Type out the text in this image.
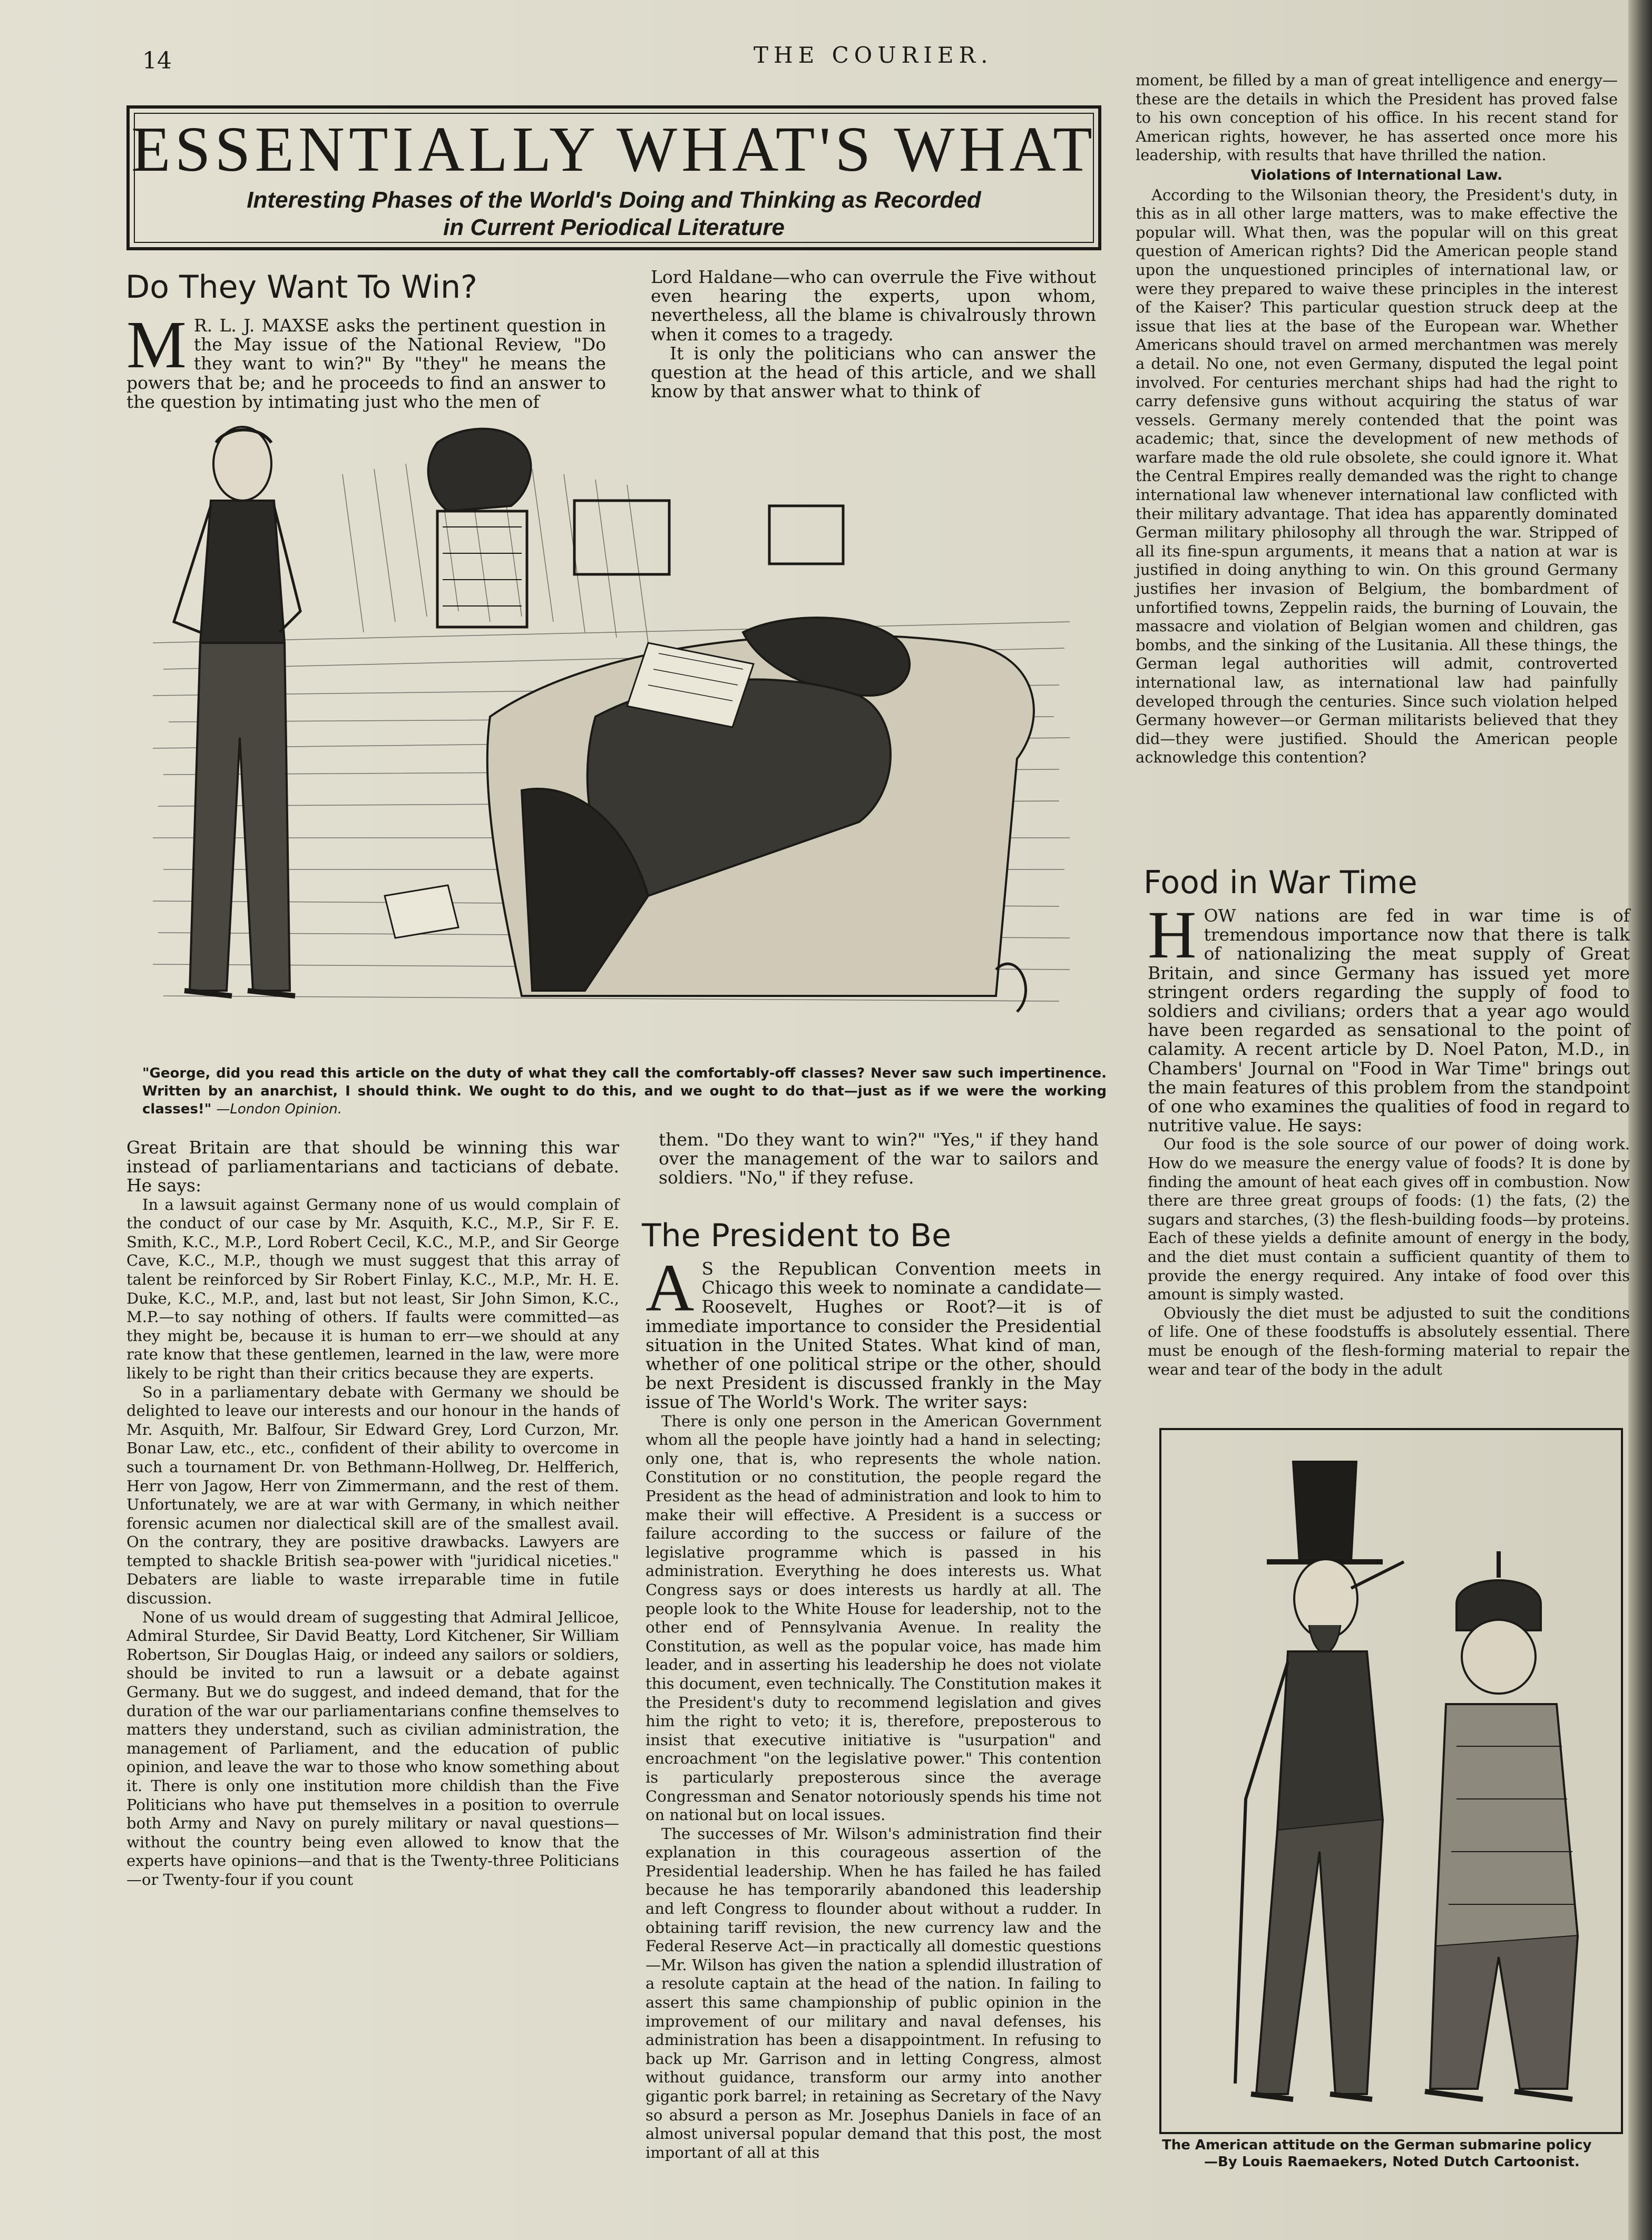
14	THE COURIER.
ESSENTIALLY WHAT'S WHAT
Interesting Phases of the World's Doing and Thinking as Recorded
in Current Periodical Literature
Do They Want To Win?

M R. L. J. MAXSE asks the pertinent question in the May issue of the National Review, "Do they want to win?" By "they" he means the powers that be; and he proceeds to find an answer to the question by intimating just who the men of

Lord Haldane—who can overrule the Five without even hearing the experts, upon whom, nevertheless, all the blame is chivalrously thrown when it comes to a tragedy.

It is only the politicians who can answer the question at the head of this article, and we shall know by that answer what to think of

"George, did you read this article on the duty of what they call the comfortably-off classes? Never saw such impertinence. Written by an anarchist, I should think. We ought to do this, and we ought to do that—just as if we were the working classes!" —London Opinion.

Great Britain are that should be winning this war instead of parliamentarians and tacticians of debate. He says:

In a lawsuit against Germany none of us would complain of the conduct of our case by Mr. Asquith, K.C., M.P., Sir F. E. Smith, K.C., M.P., Lord Robert Cecil, K.C., M.P., and Sir George Cave, K.C., M.P., though we must suggest that this array of talent be reinforced by Sir Robert Finlay, K.C., M.P., Mr. H. E. Duke, K.C., M.P., and, last but not least, Sir John Simon, K.C., M.P.—to say nothing of others. If faults were committed—as they might be, because it is human to err—we should at any rate know that these gentlemen, learned in the law, were more likely to be right than their critics because they are experts.

So in a parliamentary debate with Germany we should be delighted to leave our interests and our honour in the hands of Mr. Asquith, Mr. Balfour, Sir Edward Grey, Lord Curzon, Mr. Bonar Law, etc., etc., confident of their ability to overcome in such a tournament Dr. von Bethmann-Hollweg, Dr. Helfferich, Herr von Jagow, Herr von Zimmermann, and the rest of them. Unfortunately, we are at war with Germany, in which neither forensic acumen nor dialectical skill are of the smallest avail. On the contrary, they are positive drawbacks. Lawyers are tempted to shackle British sea-power with "juridical niceties." Debaters are liable to waste irreparable time in futile discussion.

None of us would dream of suggesting that Admiral Jellicoe, Admiral Sturdee, Sir David Beatty, Lord Kitchener, Sir William Robertson, Sir Douglas Haig, or indeed any sailors or soldiers, should be invited to run a lawsuit or a debate against Germany. But we do suggest, and indeed demand, that for the duration of the war our parliamentarians confine themselves to matters they understand, such as civilian administration, the management of Parliament, and the education of public opinion, and leave the war to those who know something about it. There is only one institution more childish than the Five Politicians who have put themselves in a position to overrule both Army and Navy on purely military or naval questions—without the country being even allowed to know that the experts have opinions—and that is the Twenty-three Politicians—or Twenty-four if you count

them. "Do they want to win?" "Yes," if they hand over the management of the war to sailors and soldiers. "No," if they refuse.

The President to Be

A S the Republican Convention meets in Chicago this week to nominate a candidate—Roosevelt, Hughes or Root?—it is of immediate importance to consider the Presidential situation in the United States. What kind of man, whether of one political stripe or the other, should be next President is discussed frankly in the May issue of The World's Work. The writer says:

There is only one person in the American Government whom all the people have jointly had a hand in selecting; only one, that is, who represents the whole nation. Constitution or no constitution, the people regard the President as the head of administration and look to him to make their will effective. A President is a success or failure according to the success or failure of the legislative programme which is passed in his administration. Everything he does interests us. What Congress says or does interests us hardly at all. The people look to the White House for leadership, not to the other end of Pennsylvania Avenue. In reality the Constitution, as well as the popular voice, has made him leader, and in asserting his leadership he does not violate this document, even technically. The Constitution makes it the President's duty to recommend legislation and gives him the right to veto; it is, therefore, preposterous to insist that executive initiative is "usurpation" and encroachment "on the legislative power." This contention is particularly preposterous since the average Congressman and Senator notoriously spends his time not on national but on local issues.

The successes of Mr. Wilson's administration find their explanation in this courageous assertion of the Presidential leadership. When he has failed he has failed because he has temporarily abandoned this leadership and left Congress to flounder about without a rudder. In obtaining tariff revision, the new currency law and the Federal Reserve Act—in practically all domestic questions—Mr. Wilson has given the nation a splendid illustration of a resolute captain at the head of the nation. In failing to assert this same championship of public opinion in the improvement of our military and naval defenses, his administration has been a disappointment. In refusing to back up Mr. Garrison and in letting Congress, almost without guidance, transform our army into another gigantic pork barrel; in retaining as Secretary of the Navy so absurd a person as Mr. Josephus Daniels in face of an almost universal popular demand that this post, the most important of all at this

moment, be filled by a man of great intelligence and energy—these are the details in which the President has proved false to his own conception of his office. In his recent stand for American rights, however, he has asserted once more his leadership, with results that have thrilled the nation.

Violations of International Law.

According to the Wilsonian theory, the President's duty, in this as in all other large matters, was to make effective the popular will. What then, was the popular will on this great question of American rights? Did the American people stand upon the unquestioned principles of international law, or were they prepared to waive these principles in the interest of the Kaiser? This particular question struck deep at the issue that lies at the base of the European war. Whether Americans should travel on armed merchantmen was merely a detail. No one, not even Germany, disputed the legal point involved. For centuries merchant ships had had the right to carry defensive guns without acquiring the status of war vessels. Germany merely contended that the point was academic; that, since the development of new methods of warfare made the old rule obsolete, she could ignore it. What the Central Empires really demanded was the right to change international law whenever international law conflicted with their military advantage. That idea has apparently dominated German military philosophy all through the war. Stripped of all its fine-spun arguments, it means that a nation at war is justified in doing anything to win. On this ground Germany justifies her invasion of Belgium, the bombardment of unfortified towns, Zeppelin raids, the burning of Louvain, the massacre and violation of Belgian women and children, gas bombs, and the sinking of the Lusitania. All these things, the German legal authorities will admit, controverted international law, as international law had painfully developed through the centuries. Since such violation helped Germany however—or German militarists believed that they did—they were justified. Should the American people acknowledge this contention?

Food in War Time

HOW nations are fed in war time is of tremendous importance now that there is talk of nationalizing the meat supply of Great Britain, and since Germany has issued yet more stringent orders regarding the supply of food to soldiers and civilians; orders that a year ago would have been regarded as sensational to the point of calamity. A recent article by D. Noel Paton, M.D., in Chambers' Journal on "Food in War Time" brings out the main features of this problem from the standpoint of one who examines the qualities of food in regard to nutritive value. He says:

Our food is the sole source of our power of doing work. How do we measure the energy value of foods? It is done by finding the amount of heat each gives off in combustion. Now there are three great groups of foods: (1) the fats, (2) the sugars and starches, (3) the flesh-building foods—by proteins. Each of these yields a definite amount of energy in the body, and the diet must contain a sufficient quantity of them to provide the energy required. Any intake of food over this amount is simply wasted.

Obviously the diet must be adjusted to suit the conditions of life. One of these foodstuffs is absolutely essential. There must be enough of the flesh-forming material to repair the wear and tear of the body in the adult

The American attitude on the German submarine policy
—By Louis Raemaekers, Noted Dutch Cartoonist.
